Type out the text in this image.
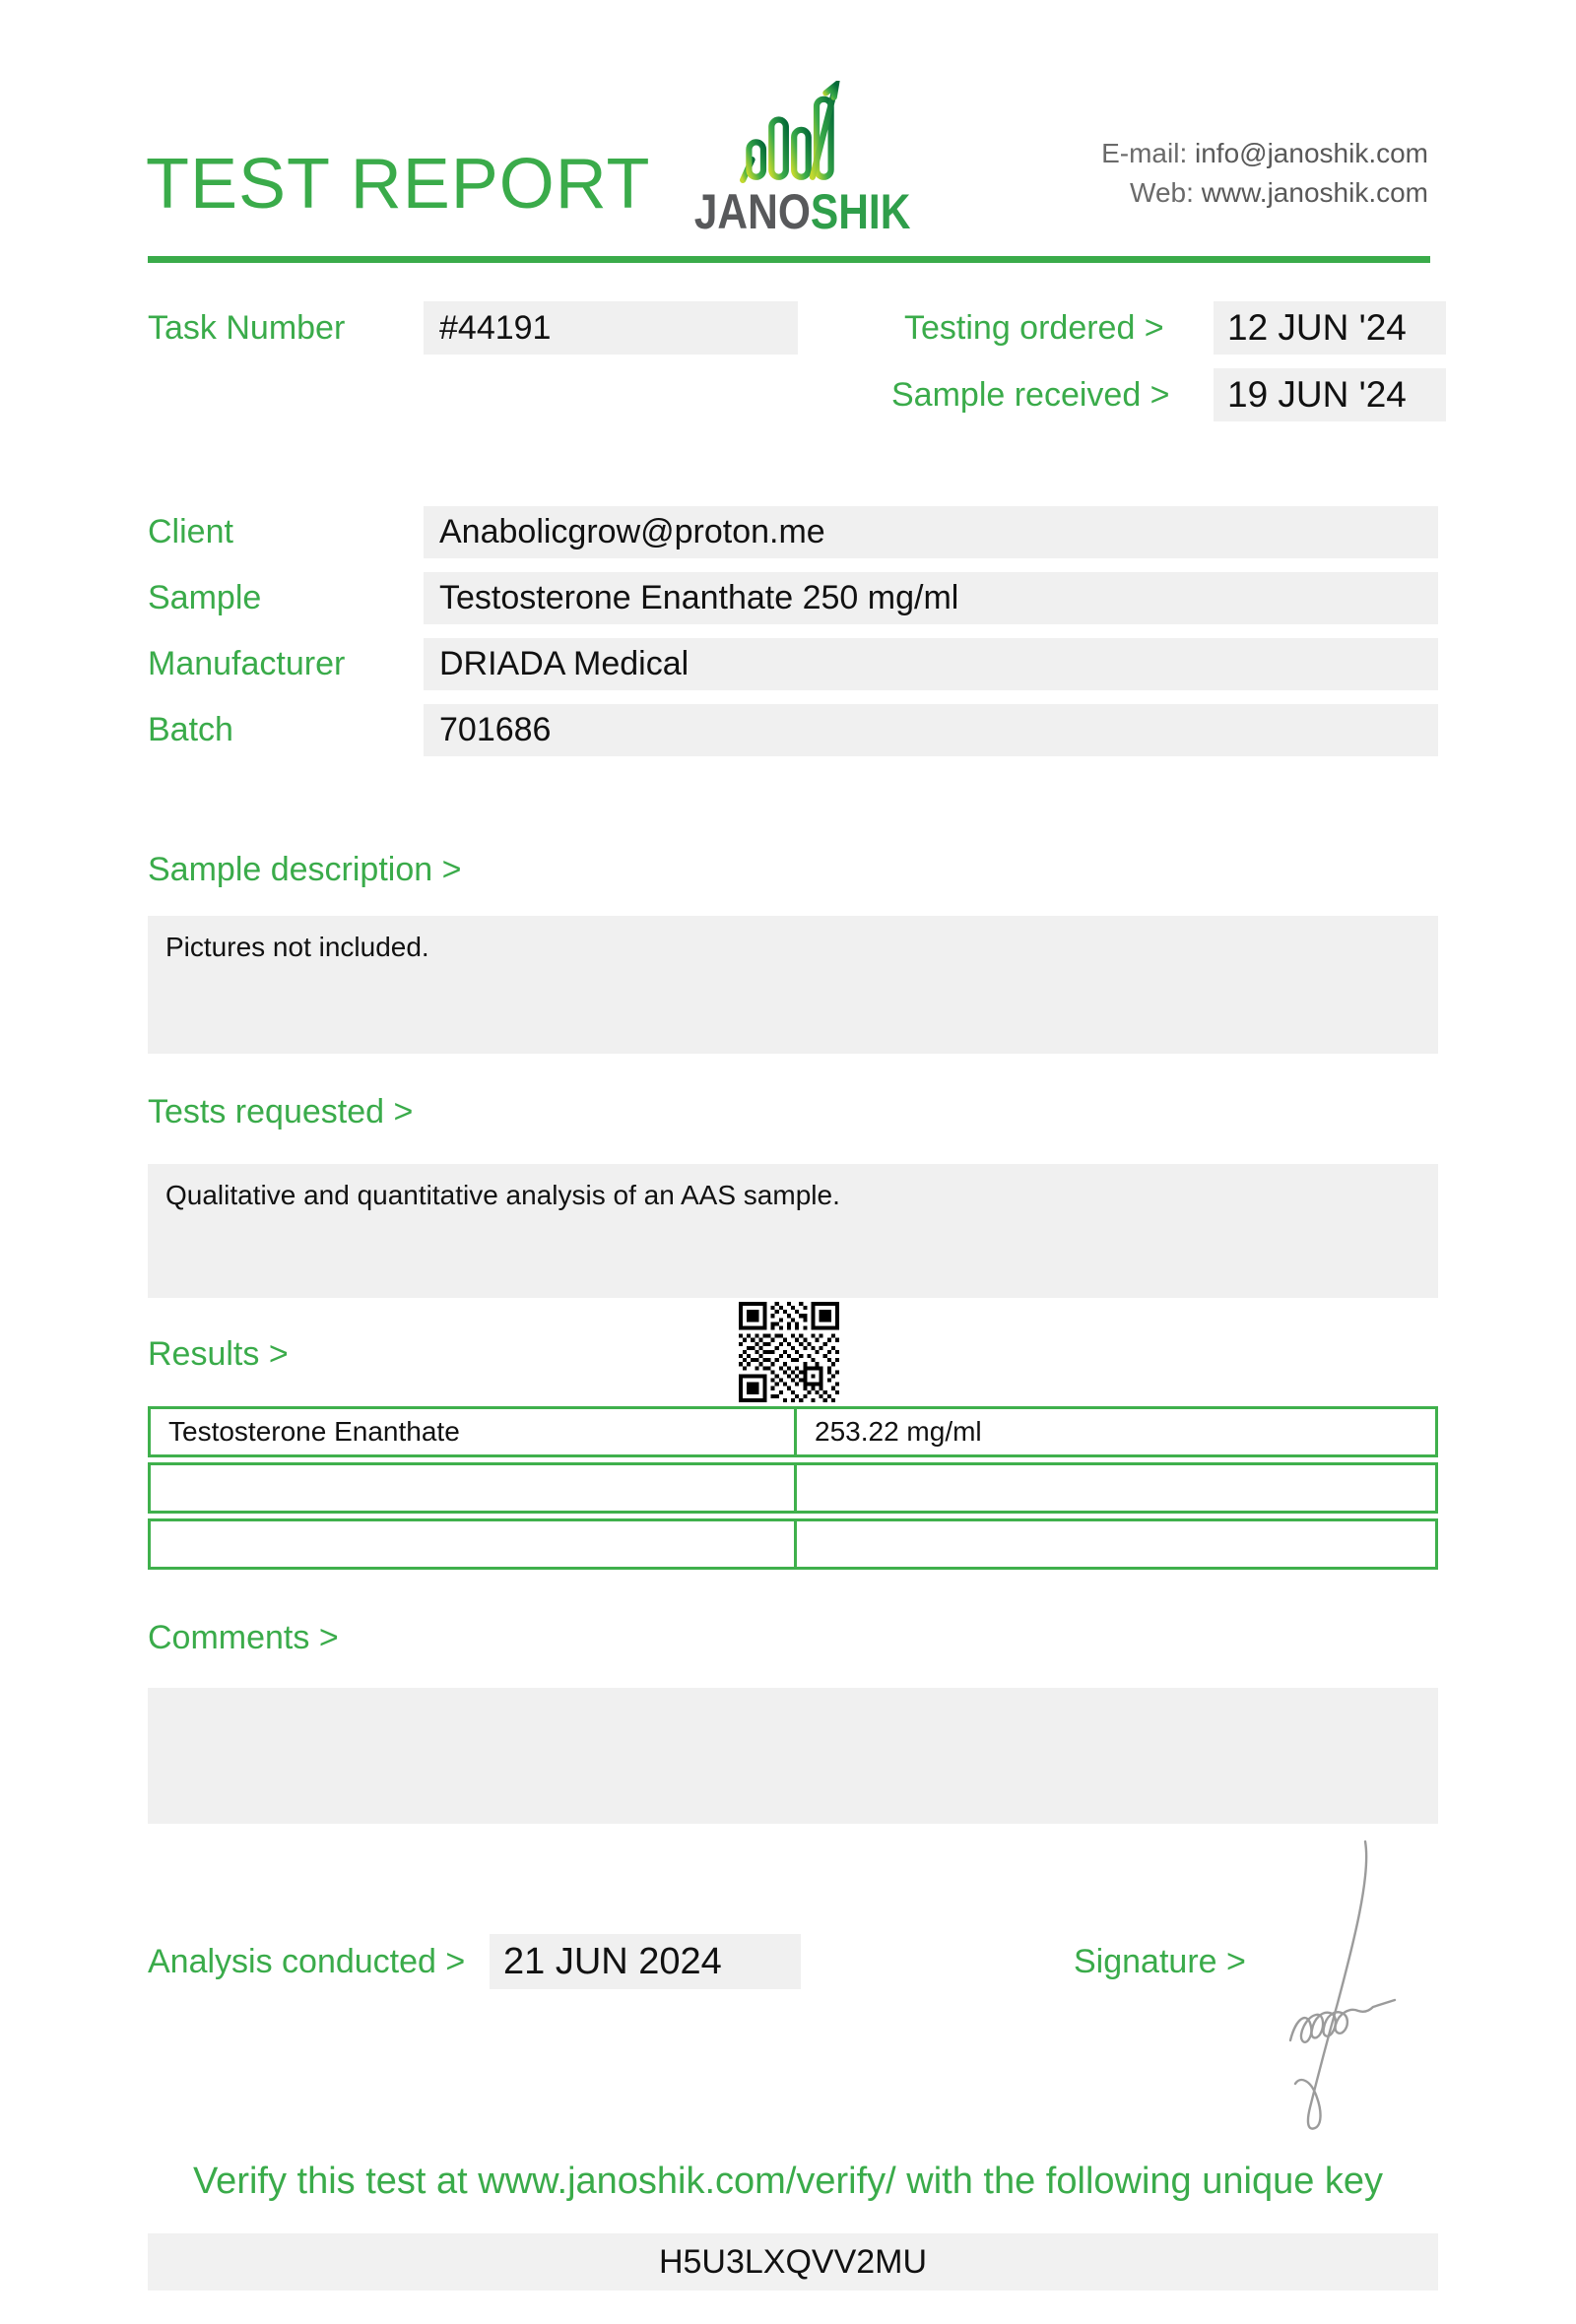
TEST REPORT JANOSHIK
E-mail: info@janoshik.com
Web: www.janoshik.com
Task Number	#44191	Testing ordered >	12 JUN '24
Sample received >	19 JUN '24
Client	Anabolicgrow@proton.me
Sample	Testosterone Enanthate 250 mg/ml
Manufacturer	DRIADA Medical
Batch	701686
Sample description >
Pictures not included.
Tests requested >
Qualitative and quantitative analysis of an AAS sample.
Results >
Testosterone Enanthate	253.22 mg/ml
Comments >
Analysis conducted >	21 JUN 2024	Signature >
Verify this test at www.janoshik.com/verify/ with the following unique key
H5U3LXQVV2MU
